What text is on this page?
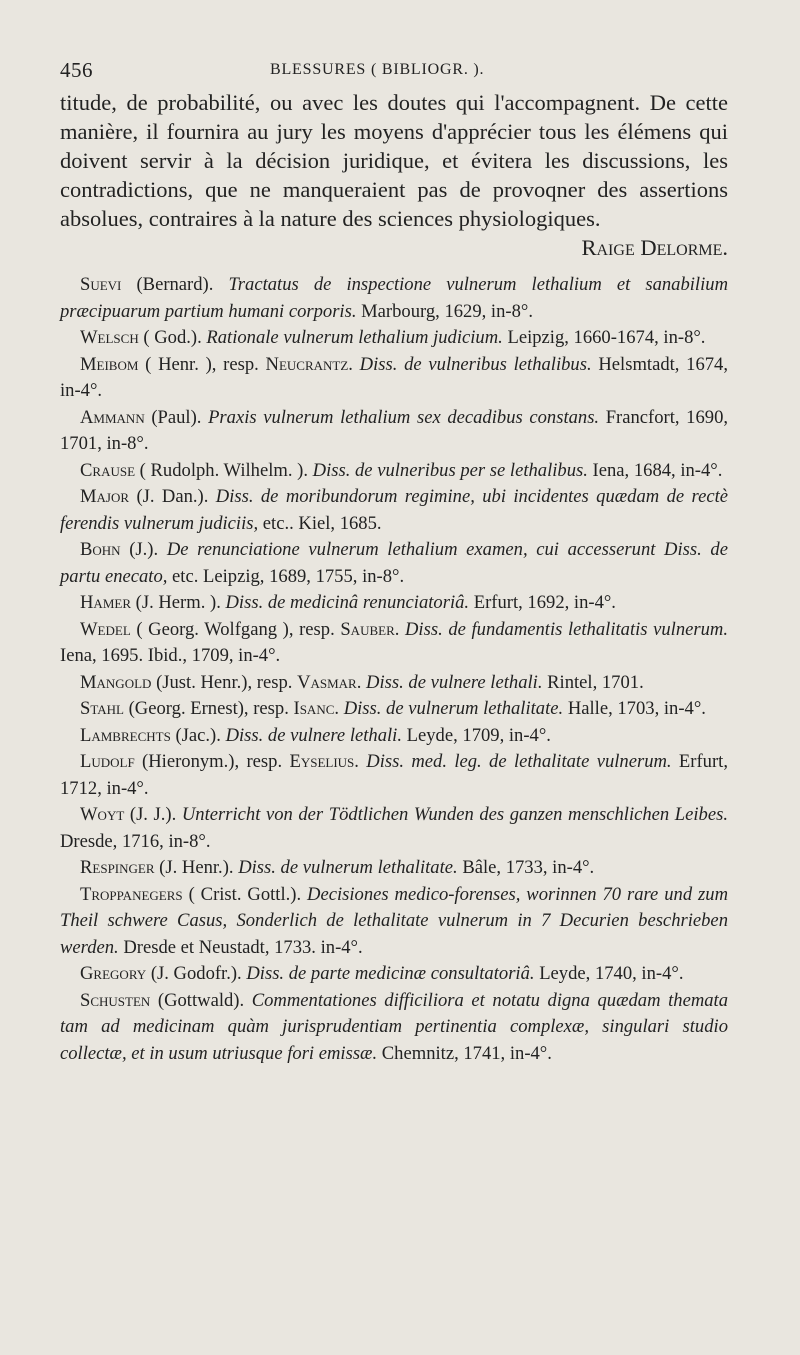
456	BLESSURES ( BIBLIOGR. ).
titude, de probabilité, ou avec les doutes qui l'accompagnent. De cette manière, il fournira au jury les moyens d'apprécier tous les élémens qui doivent servir à la décision juridique, et évitera les discussions, les contradictions, que ne manqueraient pas de provoqner des assertions absolues, contraires à la nature des sciences physiologiques.
Raige Delorme.

Suevi (Bernard). Tractatus de inspectione vulnerum lethalium et sanabilium præcipuarum partium humani corporis. Marbourg, 1629, in-8°.

Welsch ( God.). Rationale vulnerum lethalium judicium. Leipzig, 1660-1674, in-8°.

Meibom ( Henr. ), resp. Neucrantz. Diss. de vulneribus lethalibus. Helsmtadt, 1674, in-4°.

Ammann (Paul). Praxis vulnerum lethalium sex decadibus constans. Francfort, 1690, 1701, in-8°.

Crause ( Rudolph. Wilhelm. ). Diss. de vulneribus per se lethalibus. Iena, 1684, in-4°.

Major (J. Dan.). Diss. de moribundorum regimine, ubi incidentes quædam de rectè ferendis vulnerum judiciis, etc.. Kiel, 1685.

Bohn (J.). De renunciatione vulnerum lethalium examen, cui accesserunt Diss. de partu enecato, etc. Leipzig, 1689, 1755, in-8°.

Hamer (J. Herm. ). Diss. de medicinâ renunciatoriâ. Erfurt, 1692, in-4°.

Wedel ( Georg. Wolfgang ), resp. Sauber. Diss. de fundamentis lethalitatis vulnerum. Iena, 1695. Ibid., 1709, in-4°.

Mangold (Just. Henr.), resp. Vasmar. Diss. de vulnere lethali. Rintel, 1701.

Stahl (Georg. Ernest), resp. Isanc. Diss. de vulnerum lethalitate. Halle, 1703, in-4°.

Lambrechts (Jac.). Diss. de vulnere lethali. Leyde, 1709, in-4°.

Ludolf (Hieronym.), resp. Eyselius. Diss. med. leg. de lethalitate vulnerum. Erfurt, 1712, in-4°.

Woyt (J. J.). Unterricht von der Tödtlichen Wunden des ganzen menschlichen Leibes. Dresde, 1716, in-8°.

Respinger (J. Henr.). Diss. de vulnerum lethalitate. Bâle, 1733, in-4°.

Troppanegers ( Crist. Gottl.). Decisiones medico-forenses, worinnen 70 rare und zum Theil schwere Casus, Sonderlich de lethalitate vulnerum in 7 Decurien beschrieben werden. Dresde et Neustadt, 1733. in-4°.

Gregory (J. Godofr.). Diss. de parte medicinæ consultatoriâ. Leyde, 1740, in-4°.

Schusten (Gottwald). Commentationes difficiliora et notatu digna quædam themata tam ad medicinam quàm jurisprudentiam pertinentia complexæ, singulari studio collectæ, et in usum utriusque fori emissæ. Chemnitz, 1741, in-4°.
